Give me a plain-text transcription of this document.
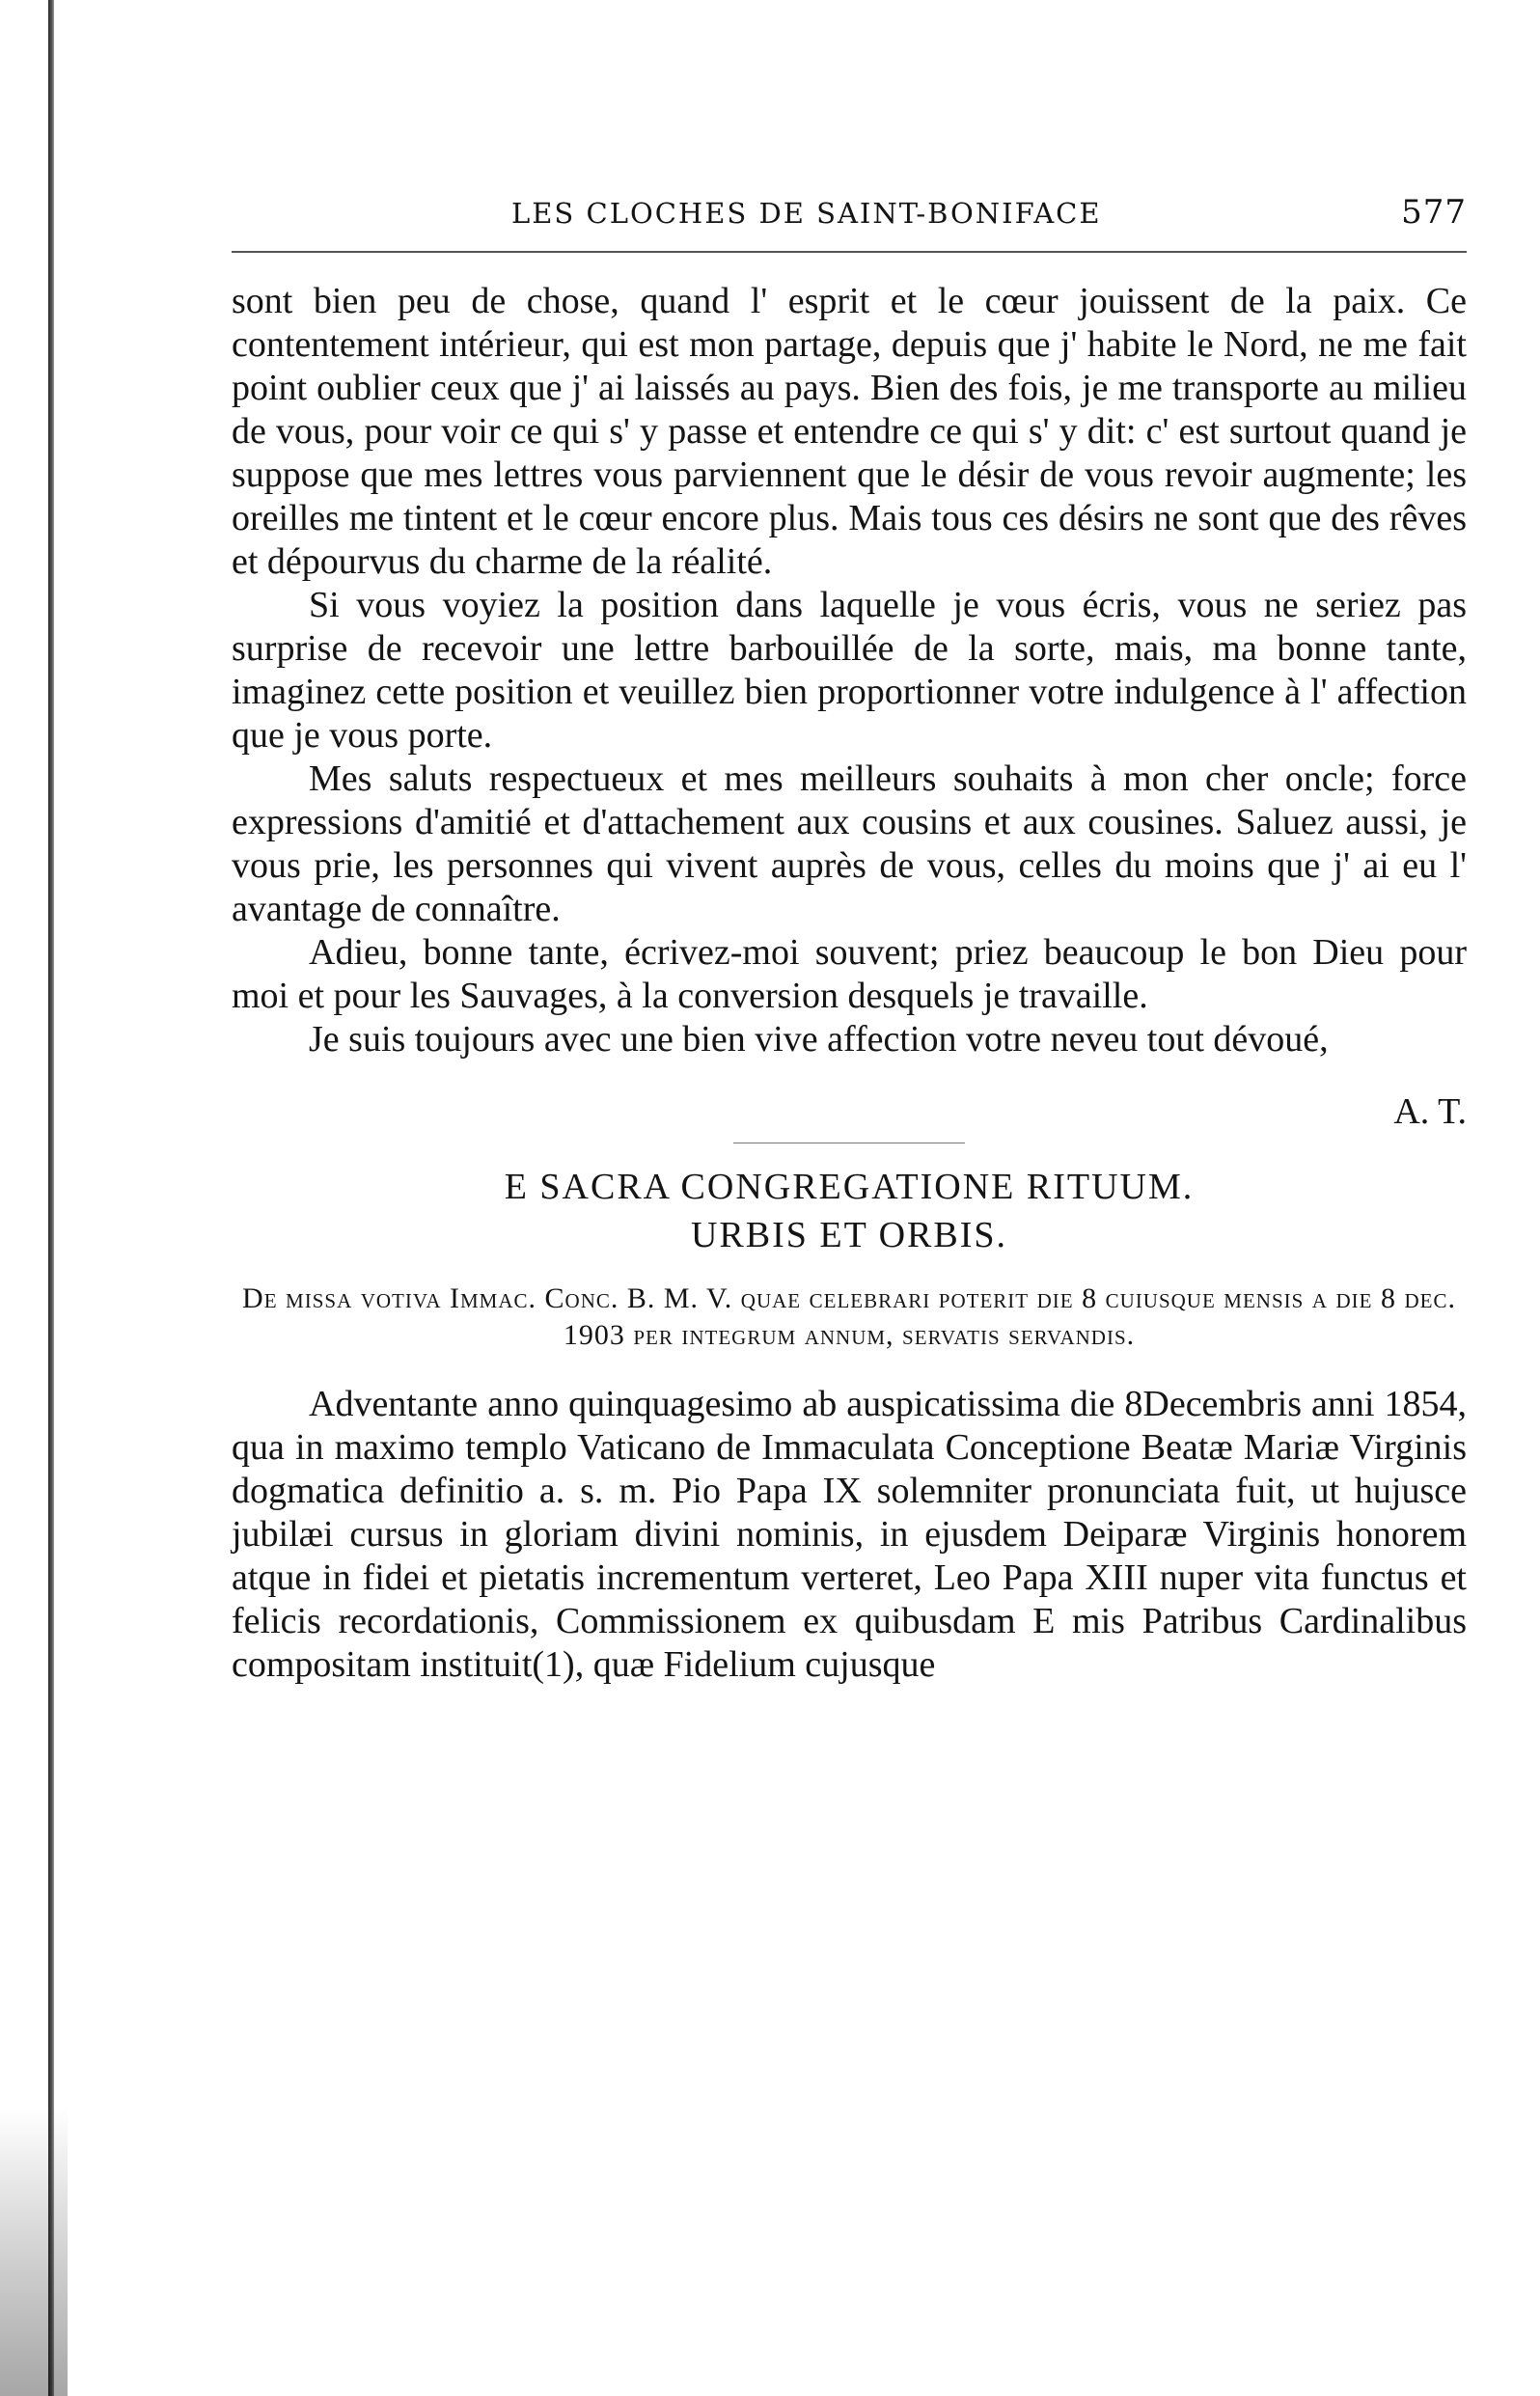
LES CLOCHES DE SAINT-BONIFACE	577

sont bien peu de chose, quand l' esprit et le cœur jouissent de la paix. Ce contentement intérieur, qui est mon partage, depuis que j' habite le Nord, ne me fait point oublier ceux que j' ai laissés au pays. Bien des fois, je me transporte au milieu de vous, pour voir ce qui s' y passe et entendre ce qui s' y dit: c' est surtout quand je suppose que mes lettres vous parviennent que le désir de vous revoir augmente; les oreilles me tintent et le cœur encore plus. Mais tous ces désirs ne sont que des rêves et dépourvus du charme de la réalité.

Si vous voyiez la position dans laquelle je vous écris, vous ne seriez pas surprise de recevoir une lettre barbouillée de la sorte, mais, ma bonne tante, imaginez cette position et veuillez bien proportionner votre indulgence à l' affection que je vous porte.

Mes saluts respectueux et mes meilleurs souhaits à mon cher oncle; force expressions d'amitié et d'attachement aux cousins et aux cousines. Saluez aussi, je vous prie, les personnes qui vivent auprès de vous, celles du moins que j' ai eu l' avantage de connaître.

Adieu, bonne tante, écrivez-moi souvent; priez beaucoup le bon Dieu pour moi et pour les Sauvages, à la conversion desquels je travaille.

Je suis toujours avec une bien vive affection votre neveu tout dévoué,

A. T.
E SACRA CONGREGATIONE RITUUM.
URBIS ET ORBIS.
De missa votiva Immac. Conc. B. M. V. quae celebrari poterit die 8 cuiusque mensis a die 8 dec. 1903 per integrum annum, servatis servandis.
Adventante anno quinquagesimo ab auspicatissima die 8Decembris anni 1854, qua in maximo templo Vaticano de Immaculata Conceptione Beatæ Mariæ Virginis dogmatica definitio a. s. m. Pio Papa IX solemniter pronunciata fuit, ut hujusce jubilæi cursus in gloriam divini nominis, in ejusdem Deiparæ Virginis honorem atque in fidei et pietatis incrementum verteret, Leo Papa XIII nuper vita functus et felicis recordationis, Commissionem ex quibusdam E mis Patribus Cardinalibus compositam instituit(1), quæ Fidelium cujusque
